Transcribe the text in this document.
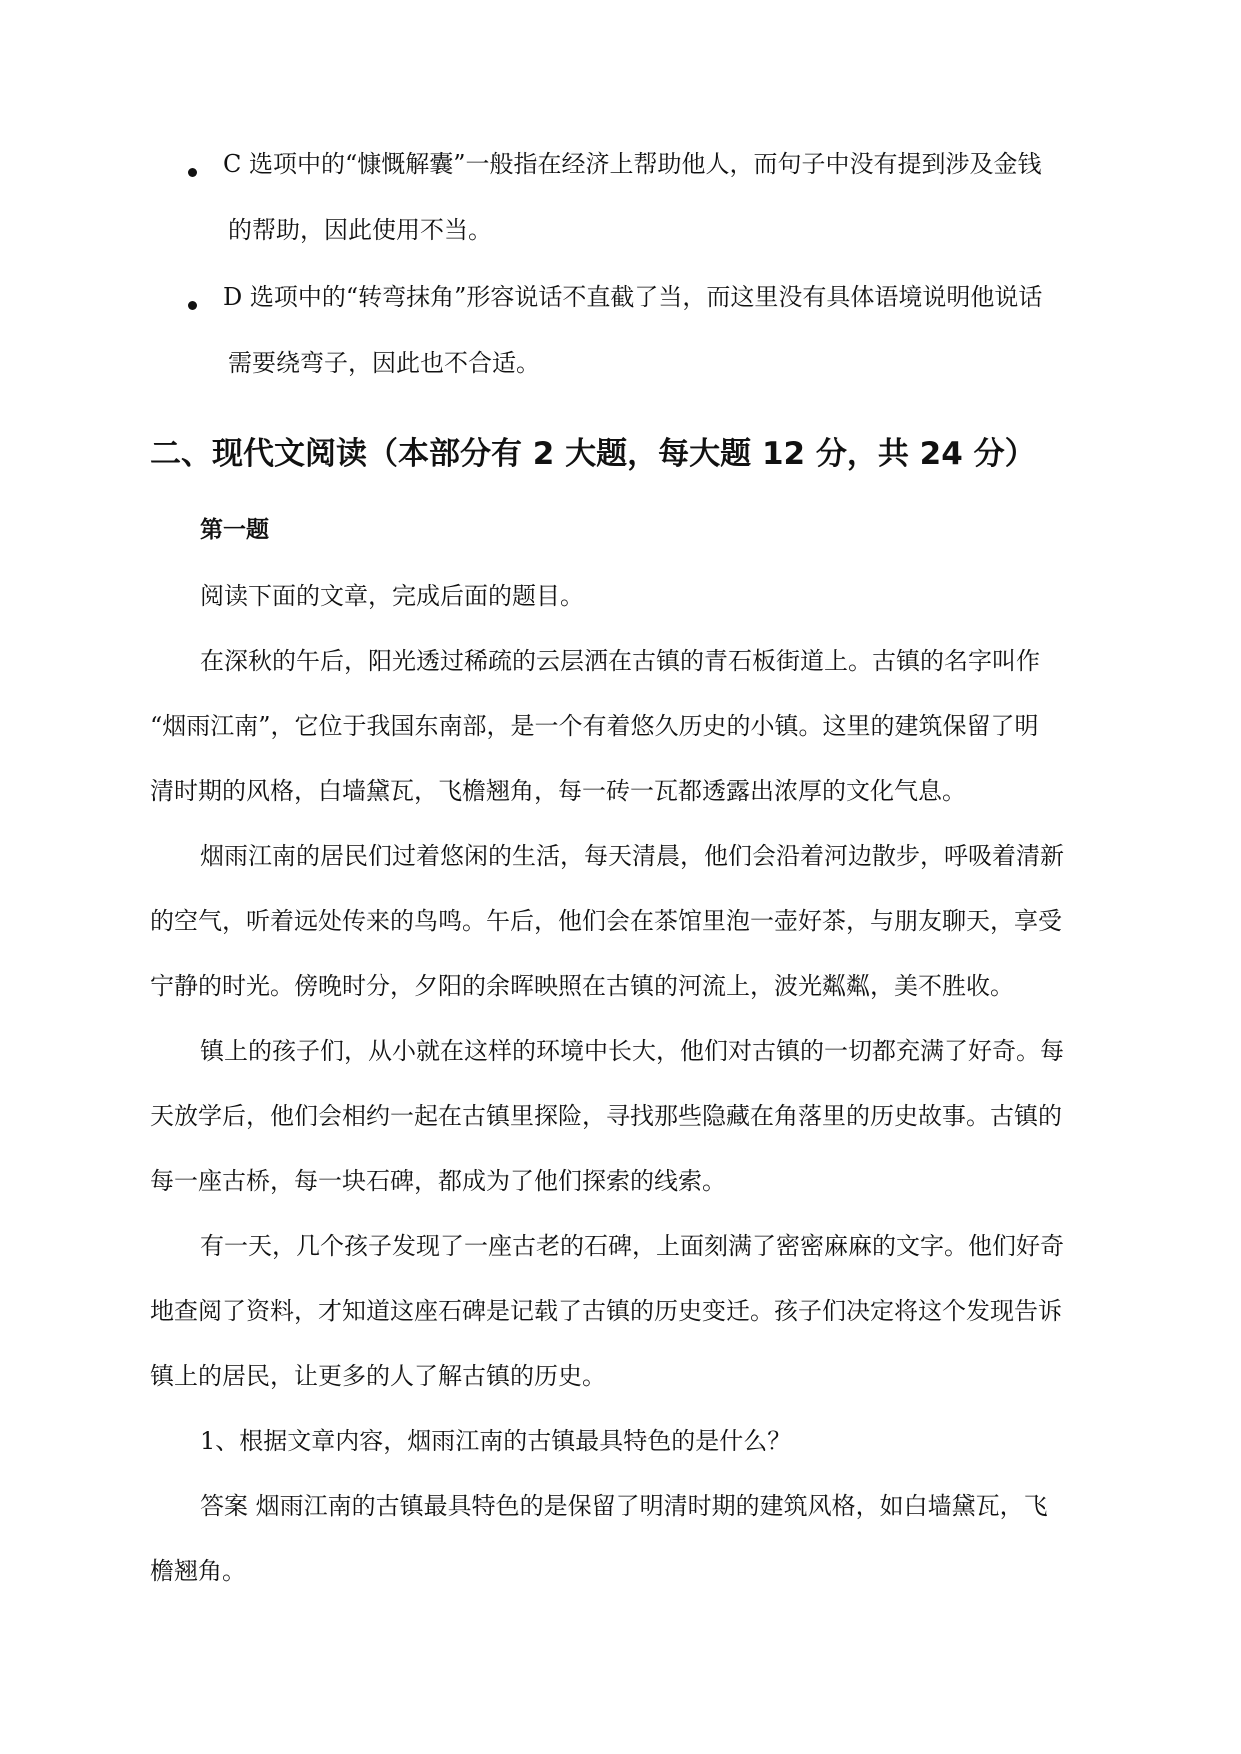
C 选项中的“慷慨解囊”一般指在经济上帮助他人，而句子中没有提到涉及金钱
的帮助，因此使用不当。
D 选项中的“转弯抹角”形容说话不直截了当，而这里没有具体语境说明他说话
需要绕弯子，因此也不合适。
二、现代文阅读（本部分有 2 大题，每大题 12 分，共 24 分）
第一题
阅读下面的文章，完成后面的题目。
在深秋的午后，阳光透过稀疏的云层洒在古镇的青石板街道上。古镇的名字叫作
“烟雨江南”，它位于我国东南部，是一个有着悠久历史的小镇。这里的建筑保留了明
清时期的风格，白墙黛瓦，飞檐翘角，每一砖一瓦都透露出浓厚的文化气息。
烟雨江南的居民们过着悠闲的生活，每天清晨，他们会沿着河边散步，呼吸着清新
的空气，听着远处传来的鸟鸣。午后，他们会在茶馆里泡一壶好茶，与朋友聊天，享受
宁静的时光。傍晚时分，夕阳的余晖映照在古镇的河流上，波光粼粼，美不胜收。
镇上的孩子们，从小就在这样的环境中长大，他们对古镇的一切都充满了好奇。每
天放学后，他们会相约一起在古镇里探险，寻找那些隐藏在角落里的历史故事。古镇的
每一座古桥，每一块石碑，都成为了他们探索的线索。
有一天，几个孩子发现了一座古老的石碑，上面刻满了密密麻麻的文字。他们好奇
地查阅了资料，才知道这座石碑是记载了古镇的历史变迁。孩子们决定将这个发现告诉
镇上的居民，让更多的人了解古镇的历史。
1、根据文章内容，烟雨江南的古镇最具特色的是什么？
答案 烟雨江南的古镇最具特色的是保留了明清时期的建筑风格，如白墙黛瓦，飞
檐翘角。
